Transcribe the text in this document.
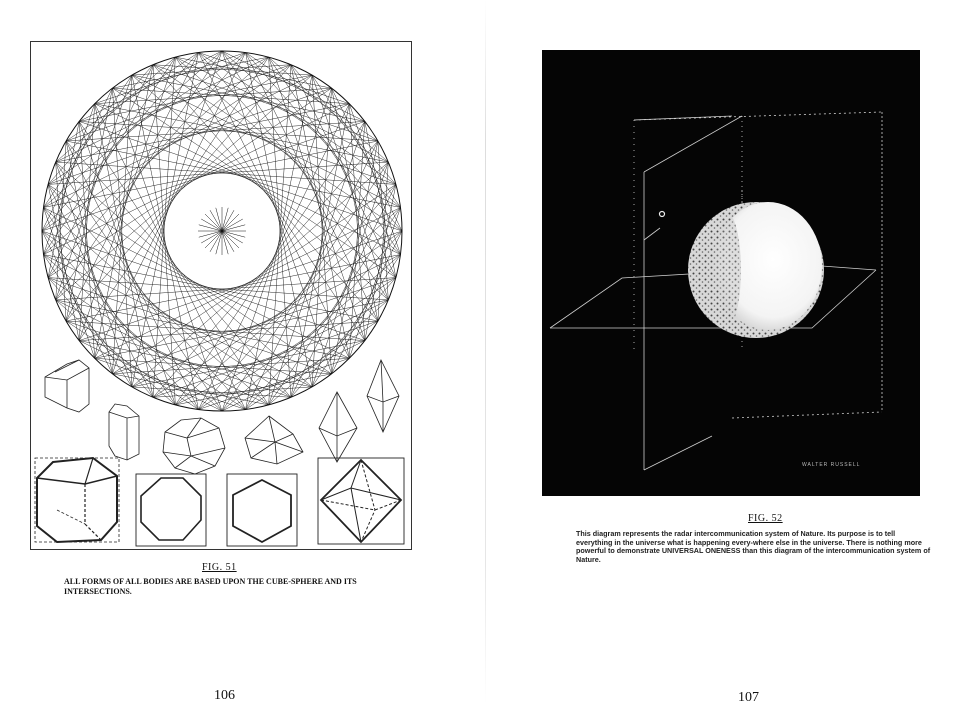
FIG. 51
ALL FORMS OF ALL BODIES ARE BASED UPON THE CUBE-SPHERE AND ITS INTERSECTIONS.
106
WALTER RUSSELL
FIG. 52
This diagram represents the radar intercommunication system of Nature. Its purpose is to tell everything in the universe what is happening every-where else in the universe. There is nothing more powerful to demonstrate UNIVERSAL ONENESS than this diagram of the intercommunication system of Nature.
107
